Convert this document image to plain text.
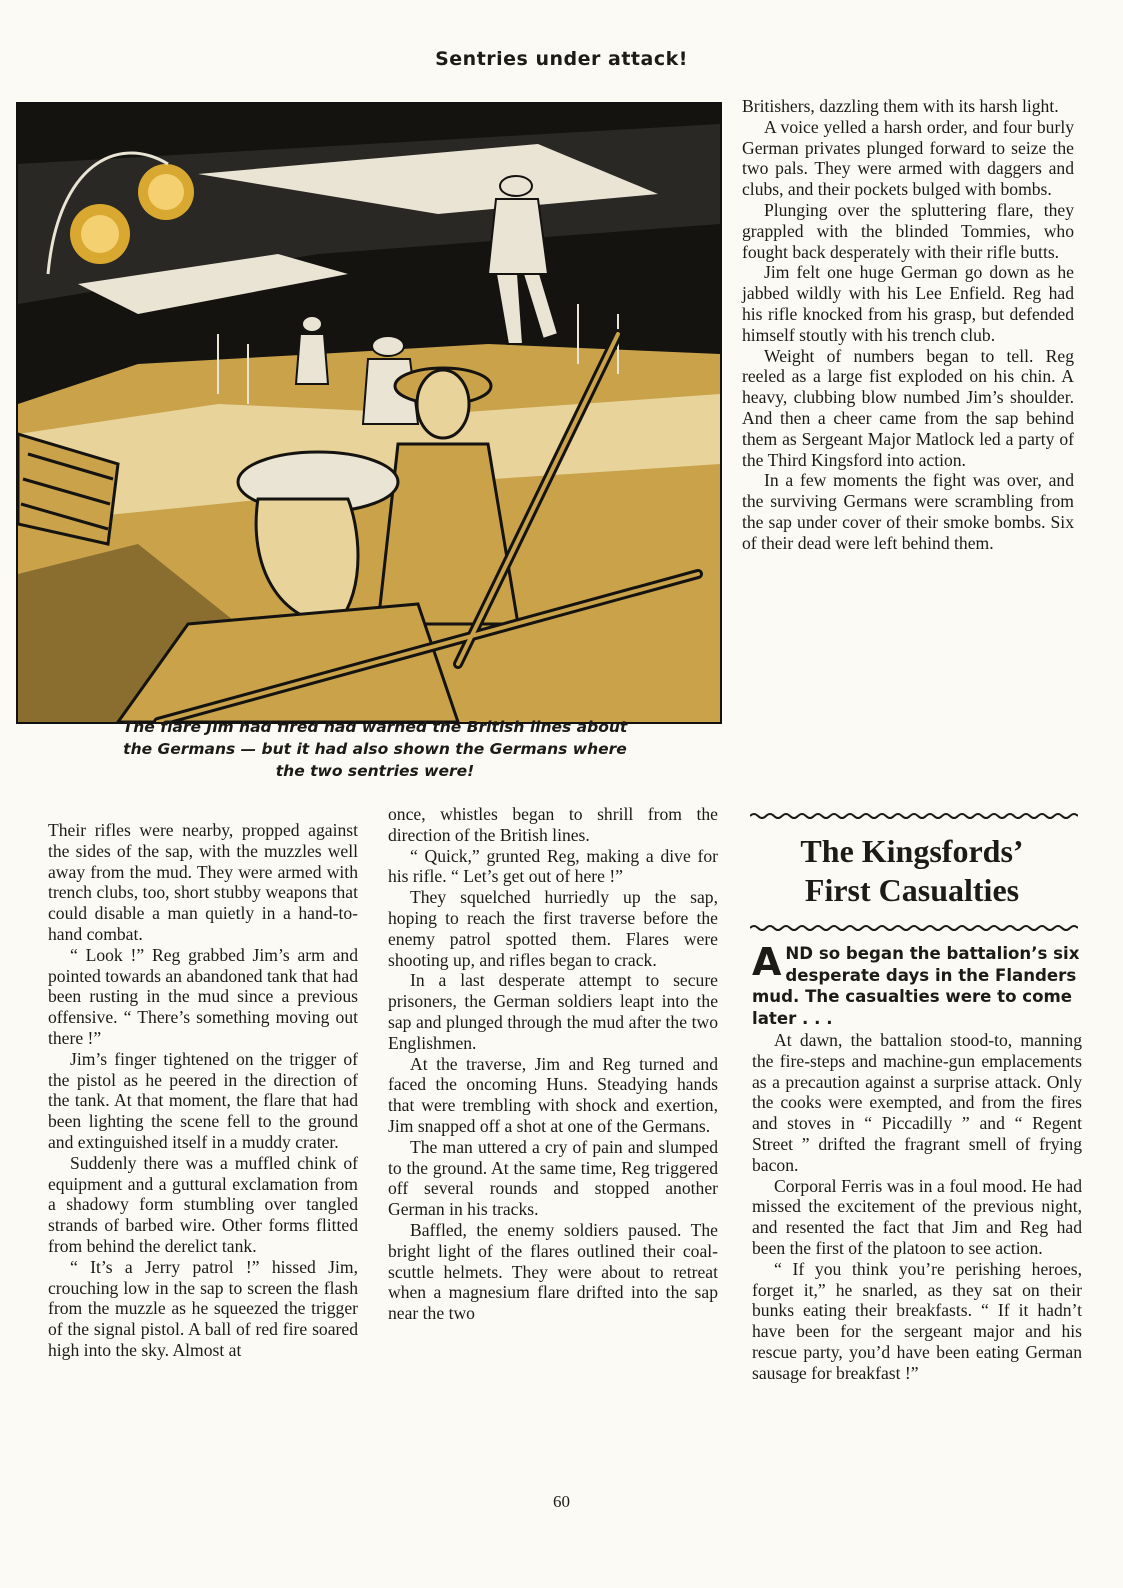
Sentries under attack!
The flare Jim had fired had warned the British lines about
the Germans — but it had also shown the Germans where
the two sentries were!

Their rifles were nearby, propped against the sides of the sap, with the muzzles well away from the mud. They were armed with trench clubs, too, short stubby weapons that could disable a man quietly in a hand-to-hand combat.

“ Look !” Reg grabbed Jim’s arm and pointed towards an abandoned tank that had been rusting in the mud since a previous offensive. “ There’s something moving out there !”

Jim’s finger tightened on the trigger of the pistol as he peered in the direction of the tank. At that moment, the flare that had been lighting the scene fell to the ground and extinguished itself in a muddy crater.

Suddenly there was a muffled chink of equipment and a guttural exclamation from a shadowy form stumbling over tangled strands of barbed wire. Other forms flitted from behind the derelict tank.

“ It’s a Jerry patrol !” hissed Jim, crouching low in the sap to screen the flash from the muzzle as he squeezed the trigger of the signal pistol. A ball of red fire soared high into the sky. Almost at

once, whistles began to shrill from the direction of the British lines.

“ Quick,” grunted Reg, making a dive for his rifle. “ Let’s get out of here !”

They squelched hurriedly up the sap, hoping to reach the first traverse before the enemy patrol spotted them. Flares were shooting up, and rifles began to crack.

In a last desperate attempt to secure prisoners, the German soldiers leapt into the sap and plunged through the mud after the two Englishmen.

At the traverse, Jim and Reg turned and faced the oncoming Huns. Steadying hands that were trembling with shock and exertion, Jim snapped off a shot at one of the Germans.

The man uttered a cry of pain and slumped to the ground. At the same time, Reg triggered off several rounds and stopped another German in his tracks.

Baffled, the enemy soldiers paused. The bright light of the flares outlined their coal-scuttle helmets. They were about to retreat when a magnesium flare drifted into the sap near the two

Britishers, dazzling them with its harsh light.

A voice yelled a harsh order, and four burly German privates plunged forward to seize the two pals. They were armed with daggers and clubs, and their pockets bulged with bombs.

Plunging over the spluttering flare, they grappled with the blinded Tommies, who fought back desperately with their rifle butts.

Jim felt one huge German go down as he jabbed wildly with his Lee Enfield. Reg had his rifle knocked from his grasp, but defended himself stoutly with his trench club.

Weight of numbers began to tell. Reg reeled as a large fist exploded on his chin. A heavy, clubbing blow numbed Jim’s shoulder. And then a cheer came from the sap behind them as Sergeant Major Matlock led a party of the Third Kingsford into action.

In a few moments the fight was over, and the surviving Germans were scrambling from the sap under cover of their smoke bombs. Six of their dead were left behind them.

The Kingsfords’
First Casualties
AND so began the battalion’s six desperate days in the Flanders mud. The casualties were to come later . . .

At dawn, the battalion stood-to, manning the fire-steps and machine-gun emplacements as a precaution against a surprise attack. Only the cooks were exempted, and from the fires and stoves in “ Piccadilly ” and “ Regent Street ” drifted the fragrant smell of frying bacon.

Corporal Ferris was in a foul mood. He had missed the excitement of the previous night, and resented the fact that Jim and Reg had been the first of the platoon to see action.

“ If you think you’re perishing heroes, forget it,” he snarled, as they sat on their bunks eating their breakfasts. “ If it hadn’t have been for the sergeant major and his rescue party, you’d have been eating German sausage for breakfast !”

60
